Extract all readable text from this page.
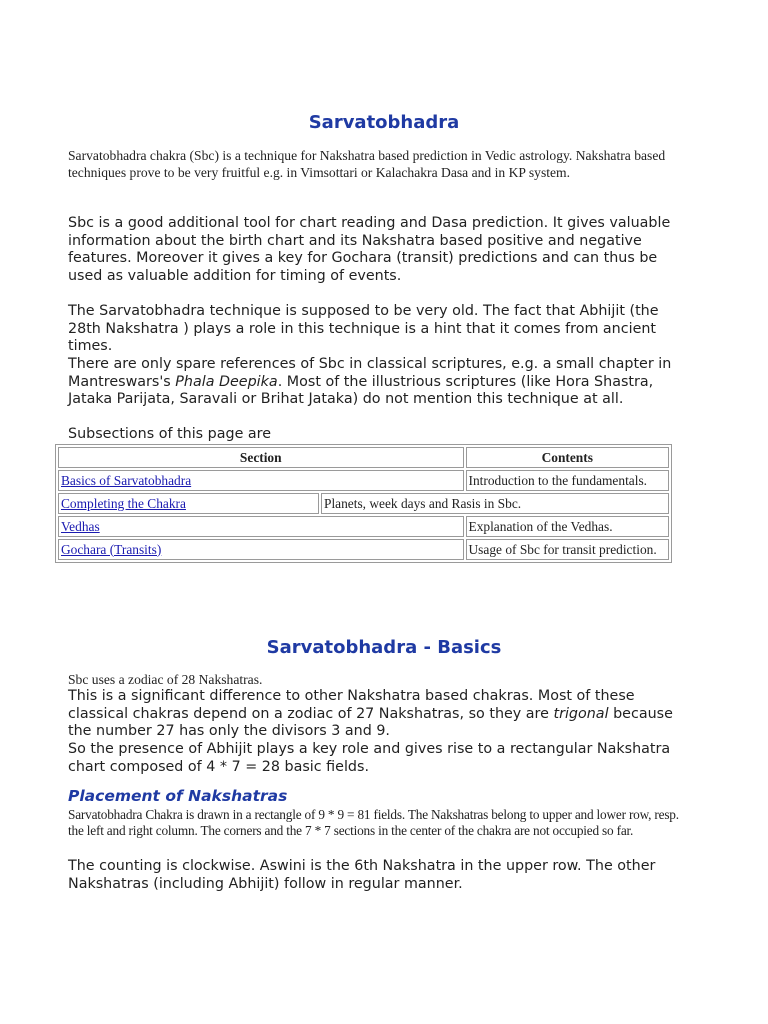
Sarvatobhadra

Sarvatobhadra chakra (Sbc) is a technique for Nakshatra based prediction in Vedic astrology. Nakshatra based techniques prove to be very fruitful e.g. in Vimsottari or Kalachakra Dasa and in KP system.

Sbc is a good additional tool for chart reading and Dasa prediction. It gives valuable information about the birth chart and its Nakshatra based positive and negative features. Moreover it gives a key for Gochara (transit) predictions and can thus be used as valuable addition for timing of events.

The Sarvatobhadra technique is supposed to be very old. The fact that Abhijit (the 28th Nakshatra ) plays a role in this technique is a hint that it comes from ancient times.

There are only spare references of Sbc in classical scriptures, e.g. a small chapter in Mantreswars's Phala Deepika. Most of the illustrious scriptures (like Hora Shastra, Jataka Parijata, Saravali or Brihat Jataka) do not mention this technique at all.

Subsections of this page are

Section		Contents
Basics of Sarvatobhadra		Introduction to the fundamentals.
Completing the Chakra	Planets, week days and Rasis in Sbc.	
Vedhas		Explanation of the Vedhas.
Gochara (Transits)		Usage of Sbc for transit prediction.
Sarvatobhadra - Basics

Sbc uses a zodiac of 28 Nakshatras.

This is a significant difference to other Nakshatra based chakras. Most of these classical chakras depend on a zodiac of 27 Nakshatras, so they are trigonal because the number 27 has only the divisors 3 and 9.

So the presence of Abhijit plays a key role and gives rise to a rectangular Nakshatra chart composed of 4 * 7 = 28 basic fields.

Placement of Nakshatras

Sarvatobhadra Chakra is drawn in a rectangle of 9 * 9 = 81 fields. The Nakshatras belong to upper and lower row, resp. the left and right column. The corners and the 7 * 7 sections in the center of the chakra are not occupied so far.

The counting is clockwise. Aswini is the 6th Nakshatra in the upper row. The other Nakshatras (including Abhijit) follow in regular manner.
